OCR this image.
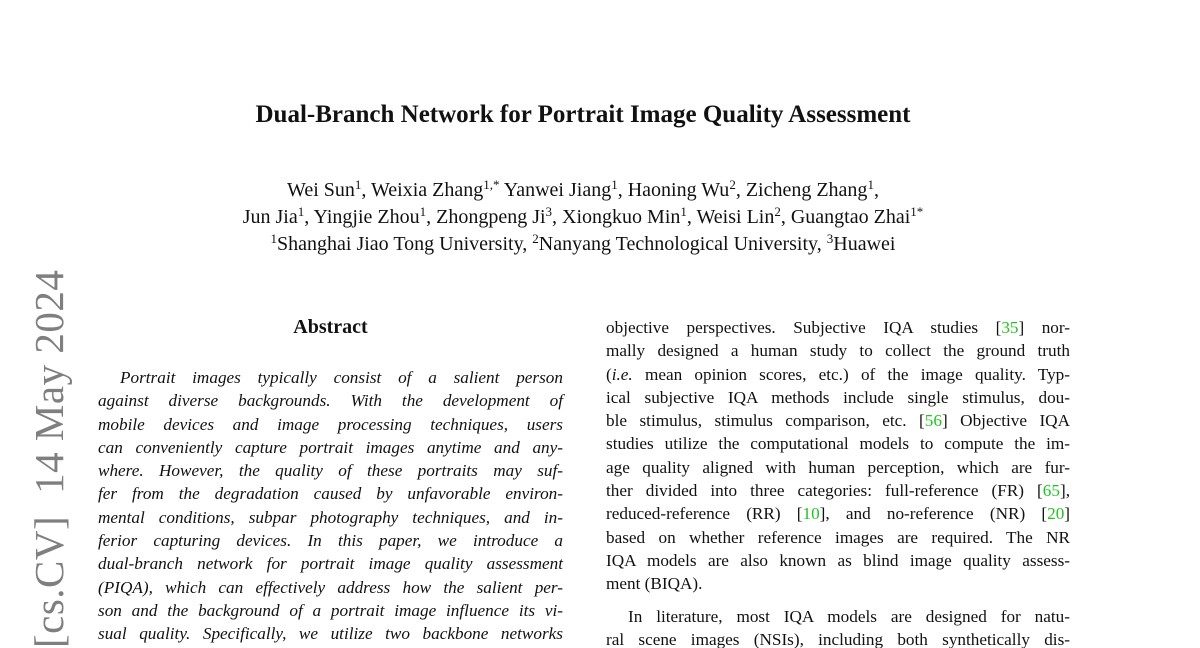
Dual-Branch Network for Portrait Image Quality Assessment
Wei Sun$^1$, Weixia Zhang$^{1,*}$ Yanwei Jiang$^1$, Haoning Wu$^2$, Zicheng Zhang$^1$,
Jun Jia$^1$, Yingjie Zhou$^1$, Zhongpeng Ji$^3$, Xiongkuo Min$^1$, Weisi Lin$^2$, Guangtao Zhai$^{1*}$
$^1$Shanghai Jiao Tong University, $^2$Nanyang Technological University, $^3$Huawei
[cs.CV]14 May 2024	Abstract
Portrait images typically consist of a salient person
against diverse backgrounds. With the development of
mobile devices and image processing techniques, users
can conveniently capture portrait images anytime and any-
where. However, the quality of these portraits may suf-
fer from the degradation caused by unfavorable environ-
mental conditions, subpar photography techniques, and in-
ferior capturing devices. In this paper, we introduce a
dual-branch network for portrait image quality assessment
(PIQA), which can effectively address how the salient per-
son and the background of a portrait image influence its vi-
sual quality. Specifically, we utilize two backbone networks
objective perspectives. Subjective IQA studies [35] nor-
mally designed a human study to collect the ground truth
(i.e. mean opinion scores, etc.) of the image quality. Typ-
ical subjective IQA methods include single stimulus, dou-
ble stimulus, stimulus comparison, etc. [56] Objective IQA
studies utilize the computational models to compute the im-
age quality aligned with human perception, which are fur-
ther divided into three categories: full-reference (FR) [65],
reduced-reference (RR) [10], and no-reference (NR) [20]
based on whether reference images are required. The NR
IQA models are also known as blind image quality assess-
ment (BIQA).
In literature, most IQA models are designed for natu-
ral scene images (NSIs), including both synthetically dis-
